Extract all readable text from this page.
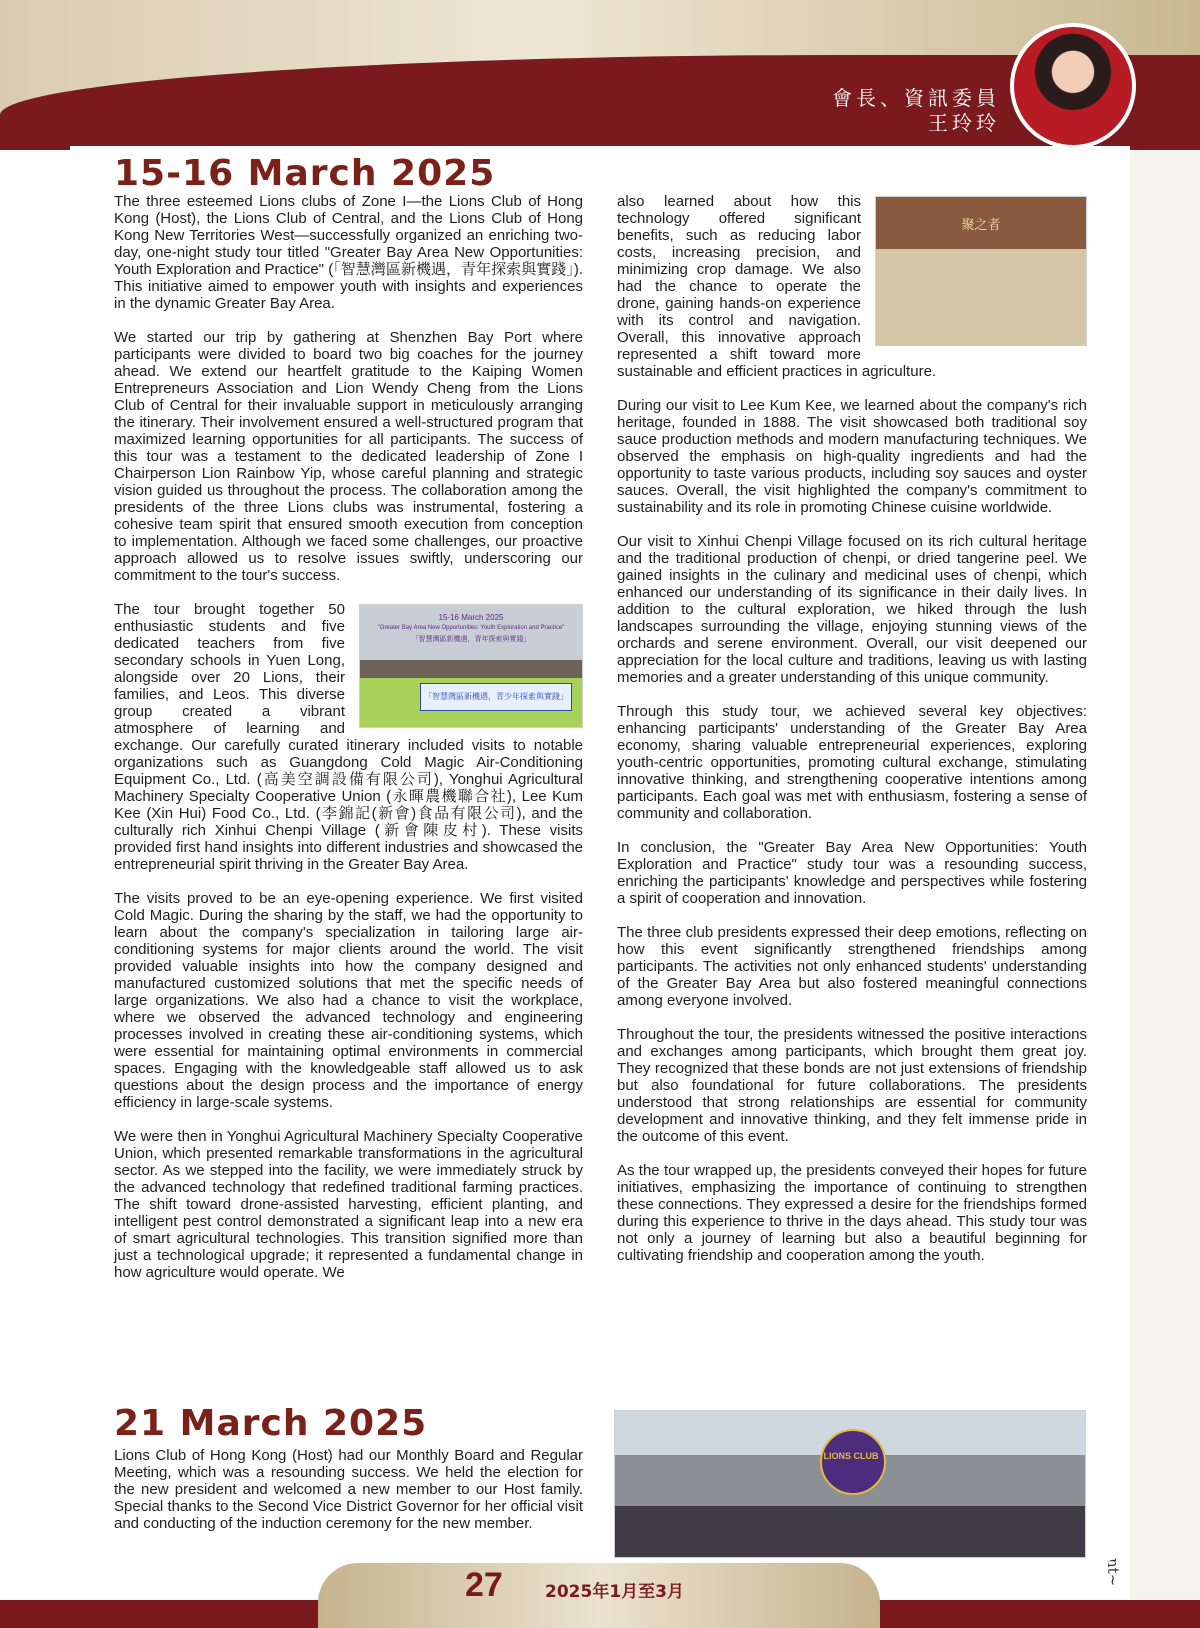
會長、資訊委員
王玲玲
15-16 March 2025

The three esteemed Lions clubs of Zone I—the Lions Club of Hong Kong (Host), the Lions Club of Central, and the Lions Club of Hong Kong New Territories West—successfully organized an enriching two-day, one-night study tour titled "Greater Bay Area New Opportunities: Youth Exploration and Practice" (「智慧灣區新機遇，青年探索與實踐」). This initiative aimed to empower youth with insights and experiences in the dynamic Greater Bay Area.

We started our trip by gathering at Shenzhen Bay Port where participants were divided to board two big coaches for the journey ahead. We extend our heartfelt gratitude to the Kaiping Women Entrepreneurs Association and Lion Wendy Cheng from the Lions Club of Central for their invaluable support in meticulously arranging the itinerary. Their involvement ensured a well-structured program that maximized learning opportunities for all participants. The success of this tour was a testament to the dedicated leadership of Zone I Chairperson Lion Rainbow Yip, whose careful planning and strategic vision guided us throughout the process. The collaboration among the presidents of the three Lions clubs was instrumental, fostering a cohesive team spirit that ensured smooth execution from conception to implementation. Although we faced some challenges, our proactive approach allowed us to resolve issues swiftly, underscoring our commitment to the tour's success.

15-16 March 2025
"Greater Bay Area New Opportunities: Youth Exploration and Practice"
「智慧灣區新機遇，青年探索與實踐」
「智慧灣區新機遇，青少年探索與實踐」

The tour brought together 50 enthusiastic students and five dedicated teachers from five secondary schools in Yuen Long, alongside over 20 Lions, their families, and Leos. This diverse group created a vibrant atmosphere of learning and exchange. Our carefully curated itinerary included visits to notable organizations such as Guangdong Cold Magic Air-Conditioning Equipment Co., Ltd. (高美空調設備有限公司), Yonghui Agricultural Machinery Specialty Cooperative Union (永暉農機聯合社), Lee Kum Kee (Xin Hui) Food Co., Ltd. (李錦記(新會)食品有限公司), and the culturally rich Xinhui Chenpi Village (新會陳皮村). These visits provided first hand insights into different industries and showcased the entrepreneurial spirit thriving in the Greater Bay Area.

The visits proved to be an eye-opening experience. We first visited Cold Magic. During the sharing by the staff, we had the opportunity to learn about the company's specialization in tailoring large air-conditioning systems for major clients around the world. The visit provided valuable insights into how the company designed and manufactured customized solutions that met the specific needs of large organizations. We also had a chance to visit the workplace, where we observed the advanced technology and engineering processes involved in creating these air-conditioning systems, which were essential for maintaining optimal environments in commercial spaces. Engaging with the knowledgeable staff allowed us to ask questions about the design process and the importance of energy efficiency in large-scale systems.

We were then in Yonghui Agricultural Machinery Specialty Cooperative Union, which presented remarkable transformations in the agricultural sector. As we stepped into the facility, we were immediately struck by the advanced technology that redefined traditional farming practices. The shift toward drone-assisted harvesting, efficient planting, and intelligent pest control demonstrated a significant leap into a new era of smart agricultural technologies. This transition signified more than just a technological upgrade; it represented a fundamental change in how agriculture would operate. We

21 March 2025

Lions Club of Hong Kong (Host) had our Monthly Board and Regular Meeting, which was a resounding success. We held the election for the new president and welcomed a new member to our Host family. Special thanks to the Second Vice District Governor for her official visit and conducting of the induction ceremony for the new member.

聚之者

also learned about how this technology offered significant benefits, such as reducing labor costs, increasing precision, and minimizing crop damage. We also had the chance to operate the drone, gaining hands-on experience with its control and navigation. Overall, this innovative approach represented a shift toward more sustainable and efficient practices in agriculture.

During our visit to Lee Kum Kee, we learned about the company's rich heritage, founded in 1888. The visit showcased both traditional soy sauce production methods and modern manufacturing techniques. We observed the emphasis on high-quality ingredients and had the opportunity to taste various products, including soy sauces and oyster sauces. Overall, the visit highlighted the company's commitment to sustainability and its role in promoting Chinese cuisine worldwide.

Our visit to Xinhui Chenpi Village focused on its rich cultural heritage and the traditional production of chenpi, or dried tangerine peel. We gained insights in the culinary and medicinal uses of chenpi, which enhanced our understanding of its significance in their daily lives. In addition to the cultural exploration, we hiked through the lush landscapes surrounding the village, enjoying stunning views of the orchards and serene environment. Overall, our visit deepened our appreciation for the local culture and traditions, leaving us with lasting memories and a greater understanding of this unique community.

Through this study tour, we achieved several key objectives: enhancing participants' understanding of the Greater Bay Area economy, sharing valuable entrepreneurial experiences, exploring youth-centric opportunities, promoting cultural exchange, stimulating innovative thinking, and strengthening cooperative intentions among participants. Each goal was met with enthusiasm, fostering a sense of community and collaboration.

In conclusion, the "Greater Bay Area New Opportunities: Youth Exploration and Practice" study tour was a resounding success, enriching the participants' knowledge and perspectives while fostering a spirit of cooperation and innovation.

The three club presidents expressed their deep emotions, reflecting on how this event significantly strengthened friendships among participants. The activities not only enhanced students' understanding of the Greater Bay Area but also fostered meaningful connections among everyone involved.

Throughout the tour, the presidents witnessed the positive interactions and exchanges among participants, which brought them great joy. They recognized that these bonds are not just extensions of friendship but also foundational for future collaborations. The presidents understood that strong relationships are essential for community development and innovative thinking, and they felt immense pride in the outcome of this event.

As the tour wrapped up, the presidents conveyed their hopes for future initiatives, emphasizing the importance of continuing to strengthen these connections. They expressed a desire for the friendships formed during this experience to thrive in the days ahead. This study tour was not only a journey of learning but also a beautiful beginning for cultivating friendship and cooperation among the youth.

LIONS CLUB
27 2025年1月至3月
